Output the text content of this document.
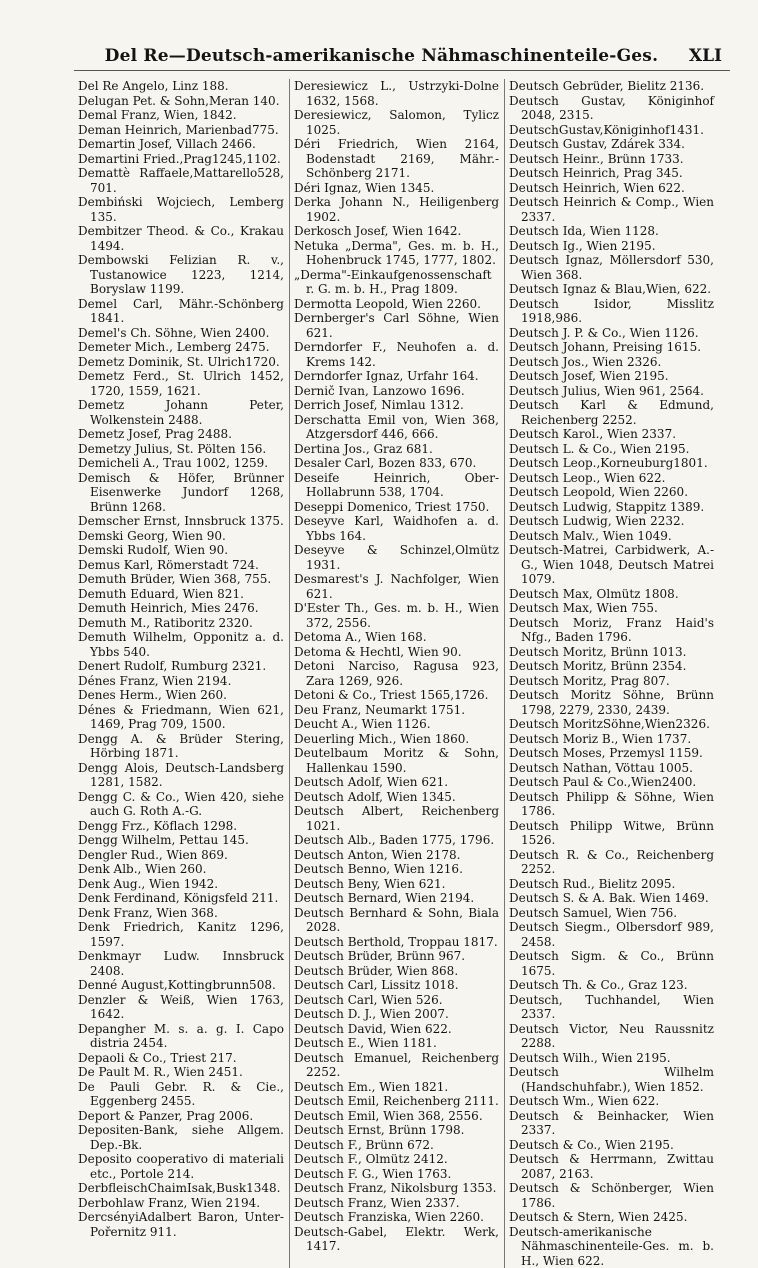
Del Re—Deutsch-amerikanische Nähmaschinenteile-Ges.	XLI
Del Re Angelo, Linz 188.
Delugan Pet. & Sohn,Meran 140.
Demal Franz, Wien, 1842.
Deman Heinrich, Marienbad775.
Demartin Josef, Villach 2466.
Demartini Fried.,Prag1245,1102.
Demattè Raffaele,Mattarello528, 701.
Dembiński Wojciech, Lemberg 135.
Dembitzer Theod. & Co., Krakau 1494.
Dembowski Felizian R. v., Tustanowice 1223, 1214, Boryslaw 1199.
Demel Carl, Mähr.-Schönberg 1841.
Demel's Ch. Söhne, Wien 2400.
Demeter Mich., Lemberg 2475.
Demetz Dominik, St. Ulrich1720.
Demetz Ferd., St. Ulrich 1452, 1720, 1559, 1621.
Demetz Johann Peter, Wolkenstein 2488.
Demetz Josef, Prag 2488.
Demetzy Julius, St. Pölten 156.
Demicheli A., Trau 1002, 1259.
Demisch & Höfer, Brünner Eisenwerke Jundorf 1268, Brünn 1268.
Demscher Ernst, Innsbruck 1375.
Demski Georg, Wien 90.
Demski Rudolf, Wien 90.
Demus Karl, Römerstadt 724.
Demuth Brüder, Wien 368, 755.
Demuth Eduard, Wien 821.
Demuth Heinrich, Mies 2476.
Demuth M., Ratiboritz 2320.
Demuth Wilhelm, Opponitz a. d. Ybbs 540.
Denert Rudolf, Rumburg 2321.
Dénes Franz, Wien 2194.
Denes Herm., Wien 260.
Dénes & Friedmann, Wien 621, 1469, Prag 709, 1500.
Dengg A. & Brüder Stering, Hörbing 1871.
Dengg Alois, Deutsch-Landsberg 1281, 1582.
Dengg C. & Co., Wien 420, siehe auch G. Roth A.-G.
Dengg Frz., Köflach 1298.
Dengg Wilhelm, Pettau 145.
Dengler Rud., Wien 869.
Denk Alb., Wien 260.
Denk Aug., Wien 1942.
Denk Ferdinand, Königsfeld 211.
Denk Franz, Wien 368.
Denk Friedrich, Kanitz 1296, 1597.
Denkmayr Ludw. Innsbruck 2408.
Denné August,Kottingbrunn508.
Denzler & Weiß, Wien 1763, 1642.
Depangher M. s. a. g. I. Capo distria 2454.
Depaoli & Co., Triest 217.
De Pault M. R., Wien 2451.
De Pauli Gebr. R. & Cie., Eggenberg 2455.
Deport & Panzer, Prag 2006.
Depositen-Bank, siehe Allgem. Dep.-Bk.
Deposito cooperativo di materiali etc., Portole 214.
DerbfleischChaimIsak,Busk1348.
Derbohlaw Franz, Wien 2194.
DercsényiAdalbert Baron, Unter-Pořernitz 911.
Deresiewicz L., Ustrzyki-Dolne 1632, 1568.
Deresiewicz, Salomon, Tylicz 1025.
Déri Friedrich, Wien 2164, Bodenstadt 2169, Mähr.-Schönberg 2171.
Déri Ignaz, Wien 1345.
Derka Johann N., Heiligenberg 1902.
Derkosch Josef, Wien 1642.
Netuka „Derma", Ges. m. b. H., Hohenbruck 1745, 1777, 1802.
„Derma"-Einkaufgenossenschaft r. G. m. b. H., Prag 1809.
Dermotta Leopold, Wien 2260.
Dernberger's Carl Söhne, Wien 621.
Derndorfer F., Neuhofen a. d. Krems 142.
Derndorfer Ignaz, Urfahr 164.
Dernič Ivan, Lanzowo 1696.
Derrich Josef, Nimlau 1312.
Derschatta Emil von, Wien 368, Atzgersdorf 446, 666.
Dertina Jos., Graz 681.
Desaler Carl, Bozen 833, 670.
Deseife Heinrich, Ober-Hollabrunn 538, 1704.
Deseppi Domenico, Triest 1750.
Deseyve Karl, Waidhofen a. d. Ybbs 164.
Deseyve & Schinzel,Olmütz 1931.
Desmarest's J. Nachfolger, Wien 621.
D'Ester Th., Ges. m. b. H., Wien 372, 2556.
Detoma A., Wien 168.
Detoma & Hechtl, Wien 90.
Detoni Narciso, Ragusa 923, Zara 1269, 926.
Detoni & Co., Triest 1565,1726.
Deu Franz, Neumarkt 1751.
Deucht A., Wien 1126.
Deuerling Mich., Wien 1860.
Deutelbaum Moritz & Sohn, Hallenkau 1590.
Deutsch Adolf, Wien 621.
Deutsch Adolf, Wien 1345.
Deutsch Albert, Reichenberg 1021.
Deutsch Alb., Baden 1775, 1796.
Deutsch Anton, Wien 2178.
Deutsch Benno, Wien 1216.
Deutsch Beny, Wien 621.
Deutsch Bernard, Wien 2194.
Deutsch Bernhard & Sohn, Biala 2028.
Deutsch Berthold, Troppau 1817.
Deutsch Brüder, Brünn 967.
Deutsch Brüder, Wien 868.
Deutsch Carl, Lissitz 1018.
Deutsch Carl, Wien 526.
Deutsch D. J., Wien 2007.
Deutsch David, Wien 622.
Deutsch E., Wien 1181.
Deutsch Emanuel, Reichenberg 2252.
Deutsch Em., Wien 1821.
Deutsch Emil, Reichenberg 2111.
Deutsch Emil, Wien 368, 2556.
Deutsch Ernst, Brünn 1798.
Deutsch F., Brünn 672.
Deutsch F., Olmütz 2412.
Deutsch F. G., Wien 1763.
Deutsch Franz, Nikolsburg 1353.
Deutsch Franz, Wien 2337.
Deutsch Franziska, Wien 2260.
Deutsch-Gabel, Elektr. Werk, 1417.
Deutsch Gebrüder, Bielitz 2136.
Deutsch Gustav, Königinhof 2048, 2315.
DeutschGustav,Königinhof1431.
Deutsch Gustav, Zdárek 334.
Deutsch Heinr., Brünn 1733.
Deutsch Heinrich, Prag 345.
Deutsch Heinrich, Wien 622.
Deutsch Heinrich & Comp., Wien 2337.
Deutsch Ida, Wien 1128.
Deutsch Ig., Wien 2195.
Deutsch Ignaz, Möllersdorf 530, Wien 368.
Deutsch Ignaz & Blau,Wien, 622.
Deutsch Isidor, Misslitz 1918,986.
Deutsch J. P. & Co., Wien 1126.
Deutsch Johann, Preising 1615.
Deutsch Jos., Wien 2326.
Deutsch Josef, Wien 2195.
Deutsch Julius, Wien 961, 2564.
Deutsch Karl & Edmund, Reichenberg 2252.
Deutsch Karol., Wien 2337.
Deutsch L. & Co., Wien 2195.
Deutsch Leop.,Korneuburg1801.
Deutsch Leop., Wien 622.
Deutsch Leopold, Wien 2260.
Deutsch Ludwig, Stappitz 1389.
Deutsch Ludwig, Wien 2232.
Deutsch Malv., Wien 1049.
Deutsch-Matrei, Carbidwerk, A.-G., Wien 1048, Deutsch Matrei 1079.
Deutsch Max, Olmütz 1808.
Deutsch Max, Wien 755.
Deutsch Moriz, Franz Haid's Nfg., Baden 1796.
Deutsch Moritz, Brünn 1013.
Deutsch Moritz, Brünn 2354.
Deutsch Moritz, Prag 807.
Deutsch Moritz Söhne, Brünn 1798, 2279, 2330, 2439.
Deutsch MoritzSöhne,Wien2326.
Deutsch Moriz B., Wien 1737.
Deutsch Moses, Przemysl 1159.
Deutsch Nathan, Vöttau 1005.
Deutsch Paul & Co.,Wien2400.
Deutsch Philipp & Söhne, Wien 1786.
Deutsch Philipp Witwe, Brünn 1526.
Deutsch R. & Co., Reichenberg 2252.
Deutsch Rud., Bielitz 2095.
Deutsch S. & A. Bak. Wien 1469.
Deutsch Samuel, Wien 756.
Deutsch Siegm., Olbersdorf 989, 2458.
Deutsch Sigm. & Co., Brünn 1675.
Deutsch Th. & Co., Graz 123.
Deutsch, Tuchhandel, Wien 2337.
Deutsch Victor, Neu Raussnitz 2288.
Deutsch Wilh., Wien 2195.
Deutsch Wilhelm (Handschuhfabr.), Wien 1852.
Deutsch Wm., Wien 622.
Deutsch & Beinhacker, Wien 2337.
Deutsch & Co., Wien 2195.
Deutsch & Herrmann, Zwittau 2087, 2163.
Deutsch & Schönberger, Wien 1786.
Deutsch & Stern, Wien 2425.
Deutsch-amerikanische Nähmaschinenteile-Ges. m. b. H., Wien 622.
